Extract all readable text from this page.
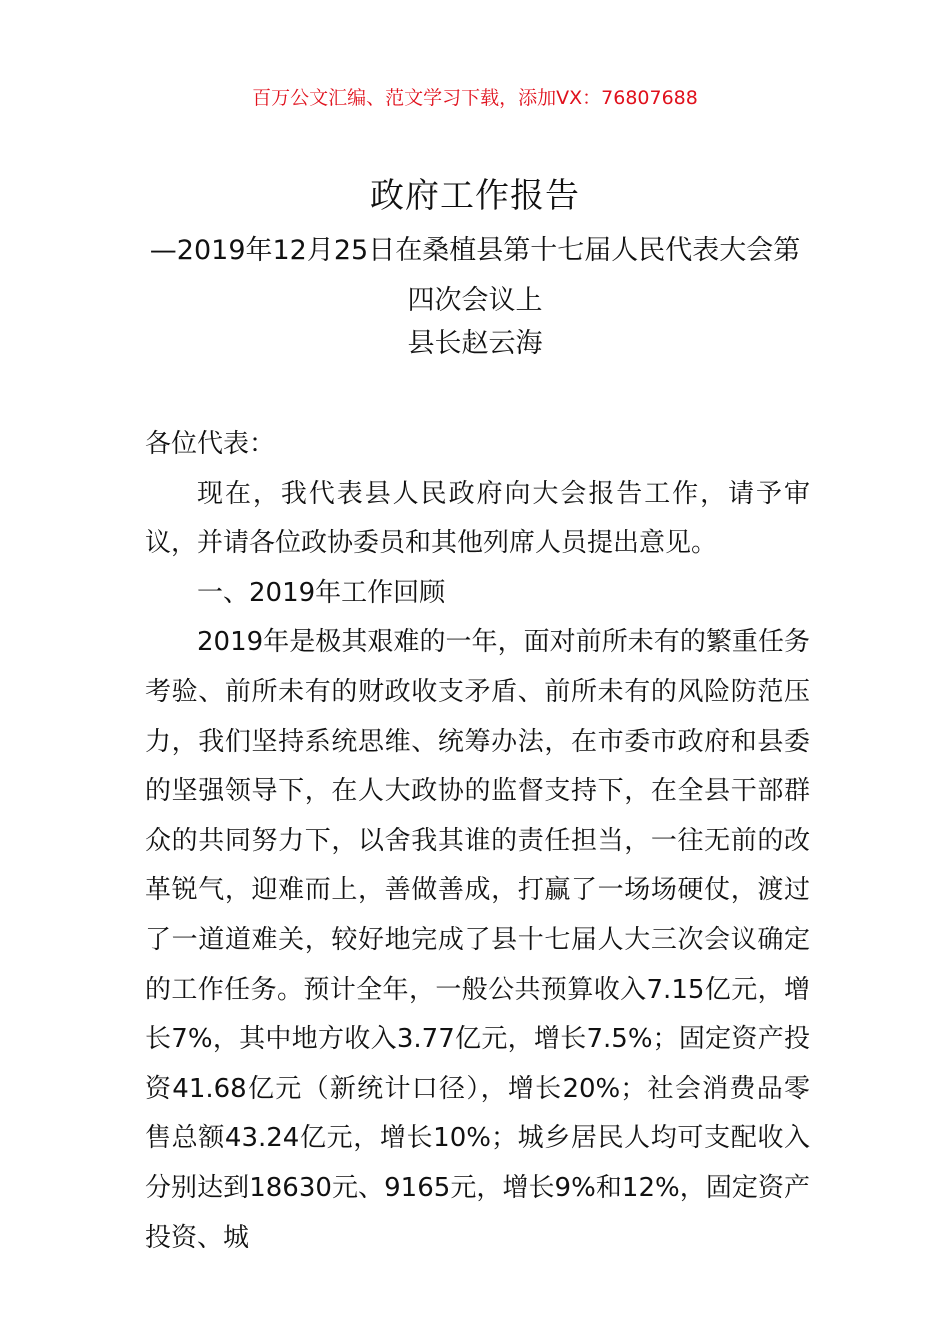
百万公文汇编、范文学习下载，添加VX：76807688
政府工作报告
—2019年12月25日在桑植县第十七届人民代表大会第四次会议上
县长赵云海

各位代表：

现在，我代表县人民政府向大会报告工作，请予审议，并请各位政协委员和其他列席人员提出意见。

一、2019年工作回顾

2019年是极其艰难的一年，面对前所未有的繁重任务考验、前所未有的财政收支矛盾、前所未有的风险防范压力，我们坚持系统思维、统筹办法，在市委市政府和县委的坚强领导下，在人大政协的监督支持下，在全县干部群众的共同努力下，以舍我其谁的责任担当，一往无前的改革锐气，迎难而上，善做善成，打赢了一场场硬仗，渡过了一道道难关，较好地完成了县十七届人大三次会议确定的工作任务。预计全年，一般公共预算收入7.15亿元，增长7%，其中地方收入3.77亿元，增长7.5%；固定资产投资41.68亿元（新统计口径），增长20%；社会消费品零售总额43.24亿元，增长10%；城乡居民人均可支配收入分别达到18630元、9165元，增长9%和12%，固定资产投资、城
